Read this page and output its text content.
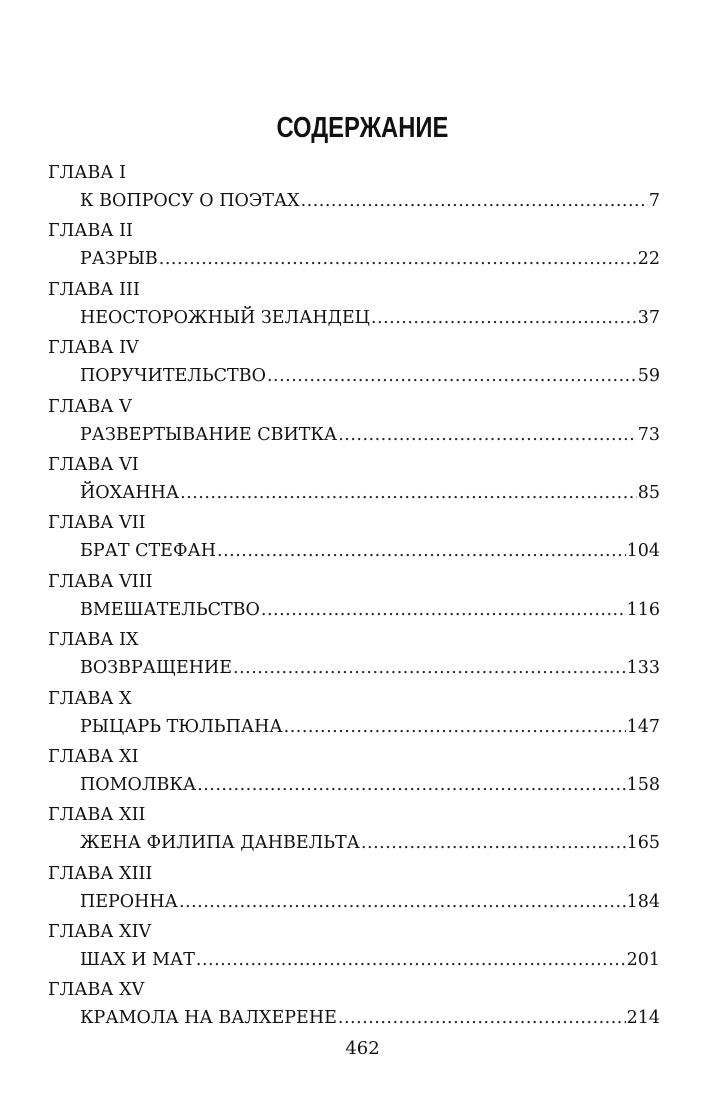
СОДЕРЖАНИЕ
ГЛАВА I
К ВОПРОСУ О ПОЭТАХ .....	7
ГЛАВА II
РАЗРЫВ .....	22
ГЛАВА III
НЕОСТОРОЖНЫЙ ЗЕЛАНДЕЦ .....	37
ГЛАВА IV
ПОРУЧИТЕЛЬСТВО .....	59
ГЛАВА V
РАЗВЕРТЫВАНИЕ СВИТКА .....	73
ГЛАВА VI
ЙОХАННА .....	85
ГЛАВА VII
БРАТ СТЕФАН .....	104
ГЛАВА VIII
ВМЕШАТЕЛЬСТВО .....	116
ГЛАВА IX
ВОЗВРАЩЕНИЕ .....	133
ГЛАВА X
РЫЦАРЬ ТЮЛЬПАНА .....	147
ГЛАВА XI
ПОМОЛВКА .....	158
ГЛАВА XII
ЖЕНА ФИЛИПА ДАНВЕЛЬТА .....	165
ГЛАВА XIII
ПЕРОННА .....	184
ГЛАВА XIV
ШАХ И МАТ .....	201
ГЛАВА XV
КРАМОЛА НА ВАЛХЕРЕНЕ .....	214
462
